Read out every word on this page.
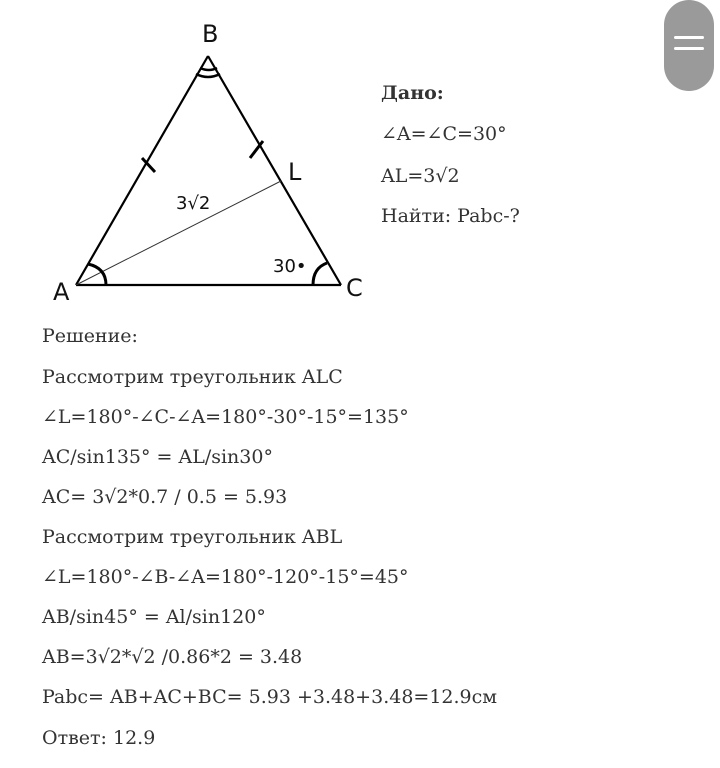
B
A	C
L
3√2
30•
Дано:
∠A=∠C=30°
AL=3√2
Найти: Pabc-?
Решение:
Рассмотрим треугольник ALC
∠L=180°-∠C-∠A=180°-30°-15°=135°
AC/sin135° = AL/sin30°
AC= 3√2*0.7 / 0.5 = 5.93
Рассмотрим треугольник ABL
∠L=180°-∠B-∠A=180°-120°-15°=45°
AB/sin45° = Al/sin120°
AB=3√2*√2 /0.86*2 = 3.48
Pabc= AB+AC+BC= 5.93 +3.48+3.48=12.9см
Ответ: 12.9
